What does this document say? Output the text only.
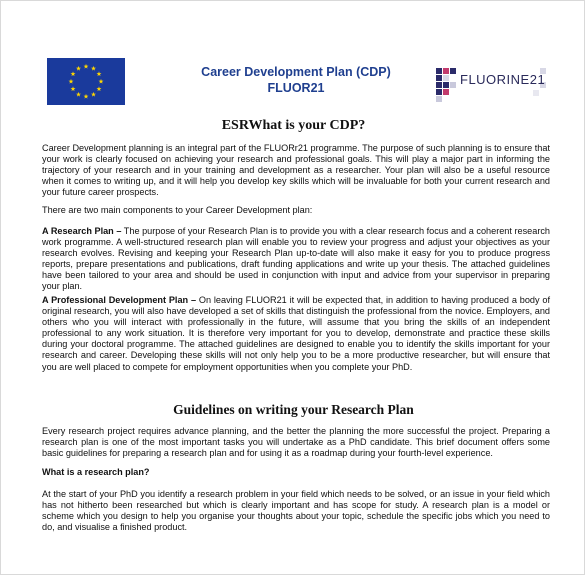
Career Development Plan (CDP)
FLUOR21
FLUORINE21
ESRWhat is your CDP?

Career Development planning is an integral part of the FLUORr21 programme. The purpose of such planning is to ensure that your work is clearly focused on achieving your research and professional goals. This will play a major part in informing the trajectory of your research and in your training and development as a researcher. Your plan will also be a useful resource when it comes to writing up, and it will help you develop key skills which will be invaluable for both your current research and your future career prospects.

There are two main components to your Career Development plan:

A Research Plan – The purpose of your Research Plan is to provide you with a clear research focus and a coherent research work programme. A well-structured research plan will enable you to review your progress and adjust your objectives as your research evolves. Revising and keeping your Research Plan up-to-date will also make it easy for you to produce progress reports, prepare presentations and publications, draft funding applications and write up your thesis. The attached guidelines have been tailored to your area and should be used in conjunction with input and advice from your supervisor in preparing your plan.

A Professional Development Plan – On leaving FLUOR21 it will be expected that, in addition to having produced a body of original research, you will also have developed a set of skills that distinguish the professional from the novice. Employers, and others who you will interact with professionally in the future, will assume that you bring the skills of an independent professional to any work situation. It is therefore very important for you to develop, demonstrate and practice these skills during your doctoral programme. The attached guidelines are designed to enable you to identify the skills important for your research and career. Developing these skills will not only help you to be a more productive researcher, but will ensure that you are well placed to compete for employment opportunities when you complete your PhD.

Guidelines on writing your Research Plan

Every research project requires advance planning, and the better the planning the more successful the project. Preparing a research plan is one of the most important tasks you will undertake as a PhD candidate. This brief document offers some basic guidelines for preparing a research plan and for using it as a roadmap during your fourth-level experience.

What is a research plan?

At the start of your PhD you identify a research problem in your field which needs to be solved, or an issue in your field which has not hitherto been researched but which is clearly important and has scope for study. A research plan is a model or scheme which you design to help you organise your thoughts about your topic, schedule the specific jobs which you need to do, and visualise a finished product.
